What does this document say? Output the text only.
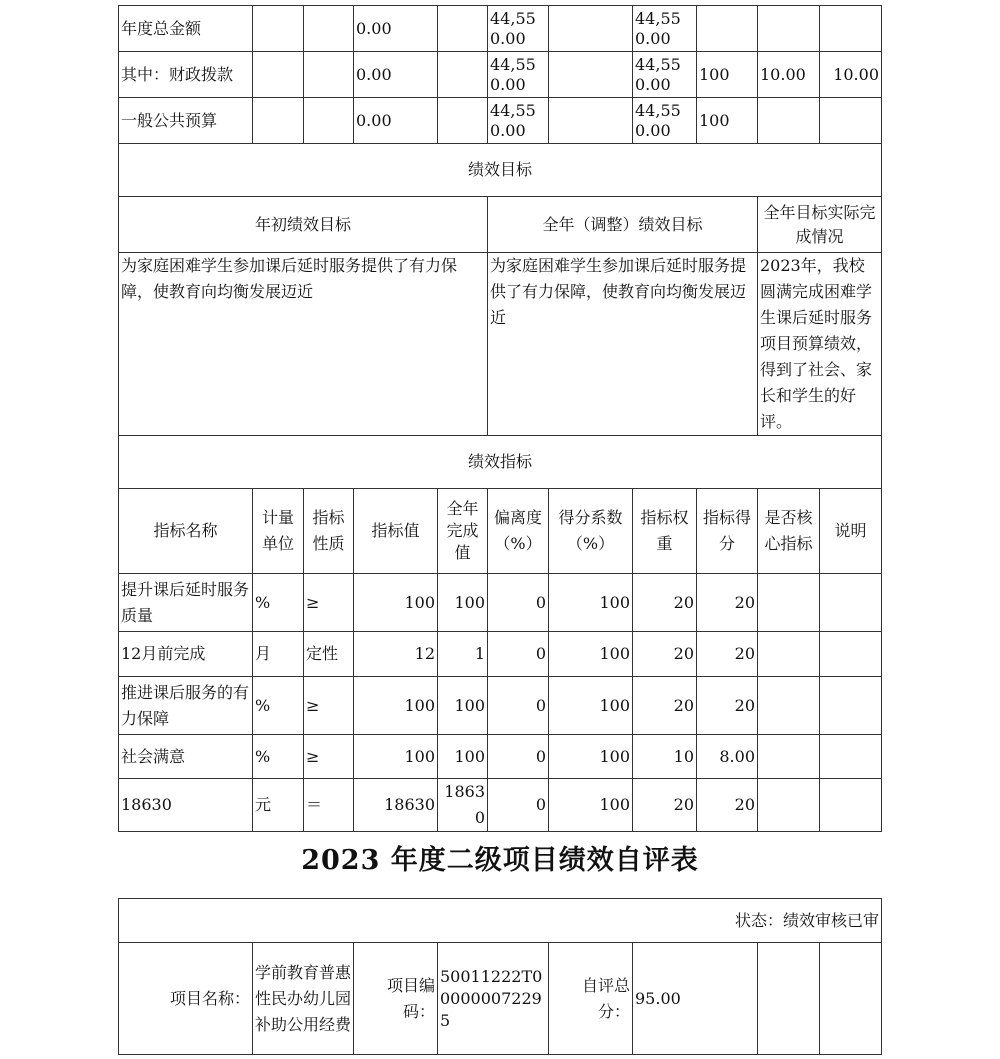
年度总金额			0.00		44,550.00		44,550.00			
其中：财政拨款			0.00		44,550.00		44,550.00	100	10.00	10.00
一般公共预算			0.00		44,550.00		44,550.00	100		
绩效目标										
年初绩效目标					全年（调整）绩效目标				全年目标实际完成情况	
为家庭困难学生参加课后延时服务提供了有力保障，使教育向均衡发展迈近					为家庭困难学生参加课后延时服务提供了有力保障，使教育向均衡发展迈近				2023年，我校圆满完成困难学生课后延时服务项目预算绩效，得到了社会、家长和学生的好评。	
绩效指标										
指标名称	计量单位	指标性质	指标值	全年完成值	偏离度（%）	得分系数（%）	指标权重	指标得分	是否核心指标	说明
提升课后延时服务质量	%	≥	100	100	0	100	20	20		
12月前完成	月	定性	12	1	0	100	20	20		
推进课后服务的有力保障	%	≥	100	100	0	100	20	20		
社会满意	%	≥	100	100	0	100	10	8.00		
18630	元	＝	18630	18630	0	100	20	20		
2023 年度二级项目绩效自评表
状态：绩效审核已审
项目名称：	学前教育普惠性民办幼儿园补助公用经费	项目编码：	50011222T000000072295	自评总分：	95.00		
